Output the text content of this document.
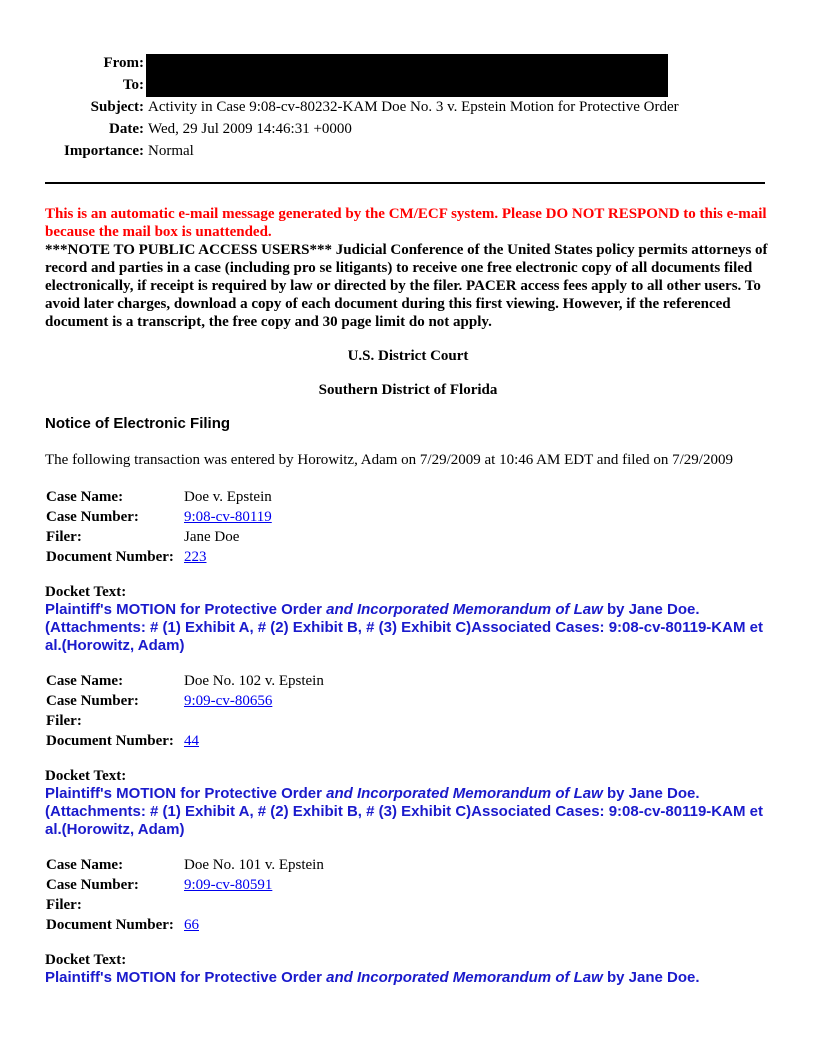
From:
To:
Subject: Activity in Case 9:08-cv-80232-KAM Doe No. 3 v. Epstein Motion for Protective Order
Date: Wed, 29 Jul 2009 14:46:31 +0000
Importance: Normal
This is an automatic e-mail message generated by the CM/ECF system. Please DO NOT RESPOND to this e-mail because the mail box is unattended.
***NOTE TO PUBLIC ACCESS USERS*** Judicial Conference of the United States policy permits attorneys of record and parties in a case (including pro se litigants) to receive one free electronic copy of all documents filed electronically, if receipt is required by law or directed by the filer. PACER access fees apply to all other users. To avoid later charges, download a copy of each document during this first viewing. However, if the referenced document is a transcript, the free copy and 30 page limit do not apply.
U.S. District Court
Southern District of Florida
Notice of Electronic Filing
The following transaction was entered by Horowitz, Adam on 7/29/2009 at 10:46 AM EDT and filed on 7/29/2009
Case Name:	Doe v. Epstein
Case Number:	9:08-cv-80119
Filer:	Jane Doe
Document Number: 223
Docket Text:
Plaintiff's MOTION for Protective Order and Incorporated Memorandum of Law by Jane Doe.
(Attachments: # (1) Exhibit A, # (2) Exhibit B, # (3) Exhibit C)Associated Cases: 9:08-cv-80119-KAM et al.(Horowitz, Adam)
Case Name:	Doe No. 102 v. Epstein
Case Number:	9:09-cv-80656
Filer:
Document Number: 44
Docket Text:
Plaintiff's MOTION for Protective Order and Incorporated Memorandum of Law by Jane Doe.
(Attachments: # (1) Exhibit A, # (2) Exhibit B, # (3) Exhibit C)Associated Cases: 9:08-cv-80119-KAM et al.(Horowitz, Adam)
Case Name:	Doe No. 101 v. Epstein
Case Number:	9:09-cv-80591
Filer:
Document Number: 66
Docket Text:
Plaintiff's MOTION for Protective Order and Incorporated Memorandum of Law by Jane Doe.
